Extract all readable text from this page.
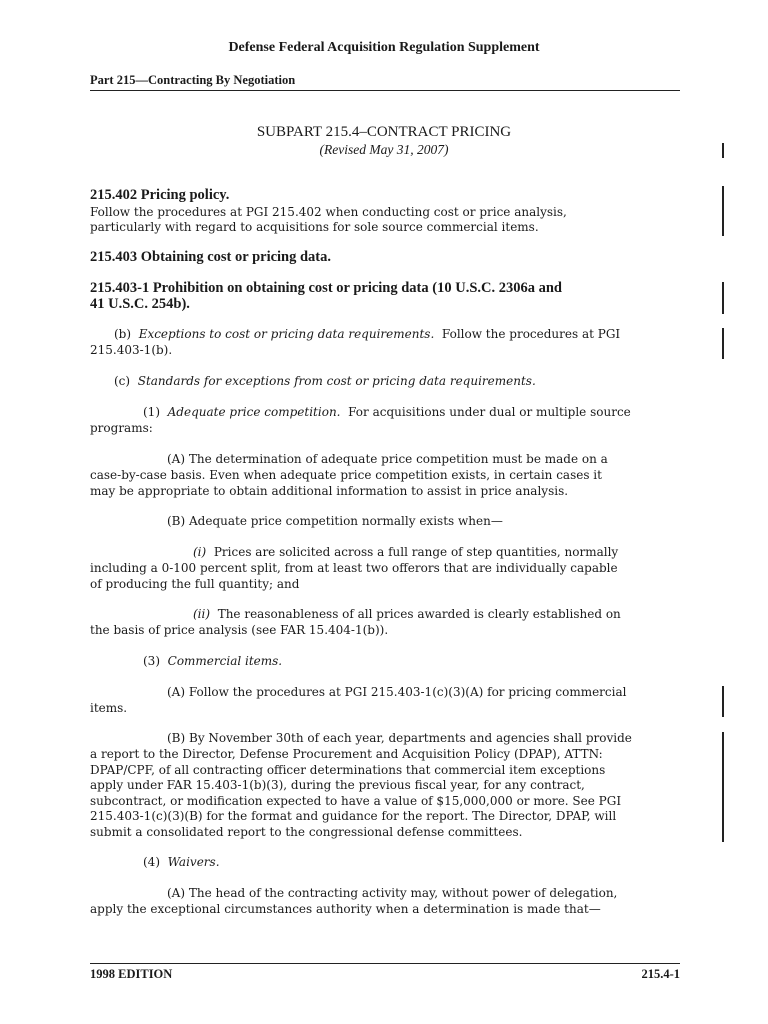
Defense Federal Acquisition Regulation Supplement
Part 215—Contracting By Negotiation
SUBPART 215.4–CONTRACT PRICING
(Revised May 31, 2007)
215.402 Pricing policy.
Follow the procedures at PGI 215.402 when conducting cost or price analysis,
particularly with regard to acquisitions for sole source commercial items.
215.403 Obtaining cost or pricing data.
215.403-1 Prohibition on obtaining cost or pricing data (10 U.S.C. 2306a and
41 U.S.C. 254b).
(b) Exceptions to cost or pricing data requirements. Follow the procedures at PGI
215.403-1(b).
(c) Standards for exceptions from cost or pricing data requirements.
(1) Adequate price competition. For acquisitions under dual or multiple source
programs:
(A) The determination of adequate price competition must be made on a
case-by-case basis. Even when adequate price competition exists, in certain cases it
may be appropriate to obtain additional information to assist in price analysis.
(B) Adequate price competition normally exists when—
(i) Prices are solicited across a full range of step quantities, normally
including a 0-100 percent split, from at least two offerors that are individually capable
of producing the full quantity; and
(ii) The reasonableness of all prices awarded is clearly established on
the basis of price analysis (see FAR 15.404-1(b)).
(3) Commercial items.
(A) Follow the procedures at PGI 215.403-1(c)(3)(A) for pricing commercial
items.
(B) By November 30th of each year, departments and agencies shall provide
a report to the Director, Defense Procurement and Acquisition Policy (DPAP), ATTN:
DPAP/CPF, of all contracting officer determinations that commercial item exceptions
apply under FAR 15.403-1(b)(3), during the previous fiscal year, for any contract,
subcontract, or modification expected to have a value of $15,000,000 or more. See PGI
215.403-1(c)(3)(B) for the format and guidance for the report. The Director, DPAP, will
submit a consolidated report to the congressional defense committees.
(4) Waivers.
(A) The head of the contracting activity may, without power of delegation,
apply the exceptional circumstances authority when a determination is made that—
1998 EDITION	215.4-1
